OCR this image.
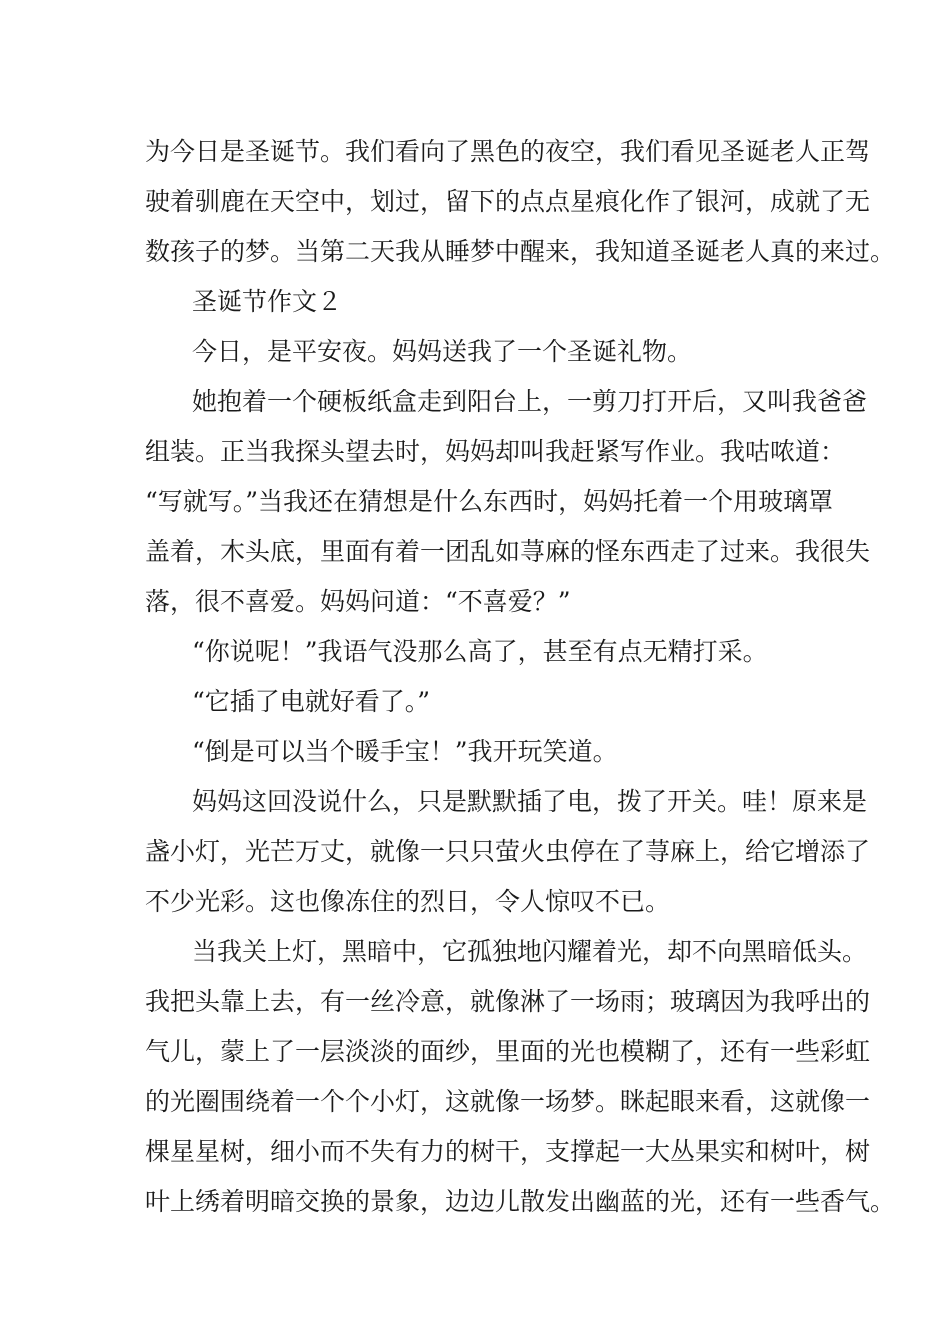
为今日是圣诞节。我们看向了黑色的夜空，我们看见圣诞老人正驾
驶着驯鹿在天空中，划过，留下的点点星痕化作了银河，成就了无
数孩子的梦。当第二天我从睡梦中醒来，我知道圣诞老人真的来过。
圣诞节作文２
今日，是平安夜。妈妈送我了一个圣诞礼物。
她抱着一个硬板纸盒走到阳台上，一剪刀打开后，又叫我爸爸
组装。正当我探头望去时，妈妈却叫我赶紧写作业。我咕哝道：
“写就写。”当我还在猜想是什么东西时，妈妈托着一个用玻璃罩
盖着，木头底，里面有着一团乱如荨麻的怪东西走了过来。我很失
落，很不喜爱。妈妈问道：“不喜爱？”
“你说呢！”我语气没那么高了，甚至有点无精打采。
“它插了电就好看了。”
“倒是可以当个暖手宝！”我开玩笑道。
妈妈这回没说什么，只是默默插了电，拨了开关。哇！原来是
盏小灯，光芒万丈，就像一只只萤火虫停在了荨麻上，给它增添了
不少光彩。这也像冻住的烈日，令人惊叹不已。
当我关上灯，黑暗中，它孤独地闪耀着光，却不向黑暗低头。
我把头靠上去，有一丝冷意，就像淋了一场雨；玻璃因为我呼出的
气儿，蒙上了一层淡淡的面纱，里面的光也模糊了，还有一些彩虹
的光圈围绕着一个个小灯，这就像一场梦。眯起眼来看，这就像一
棵星星树，细小而不失有力的树干，支撑起一大丛果实和树叶，树
叶上绣着明暗交换的景象，边边儿散发出幽蓝的光，还有一些香气。
